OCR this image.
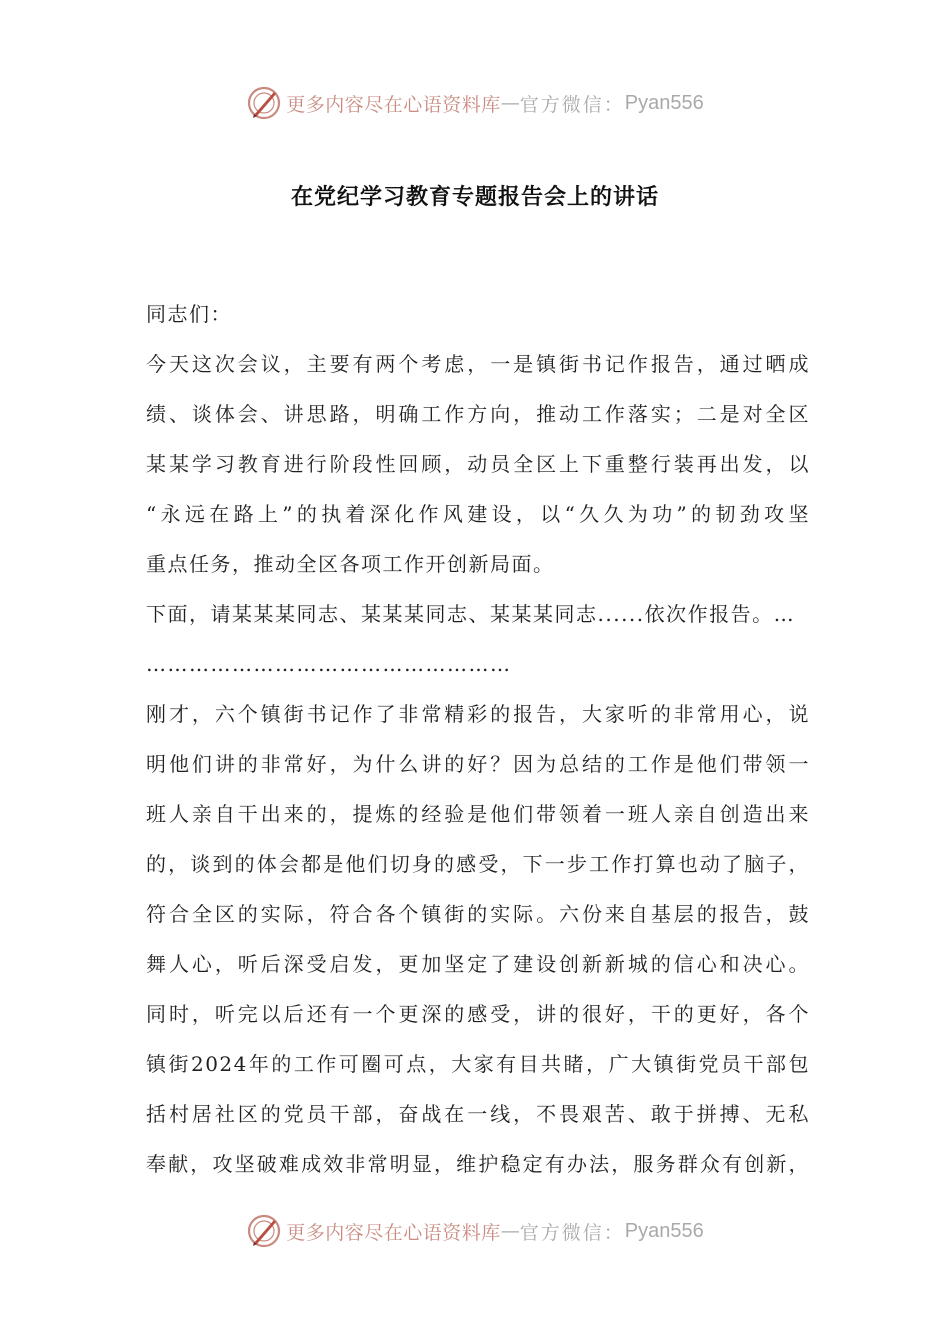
更多内容尽在心语资料库 — 官方微信： Pyan556
在党纪学习教育专题报告会上的讲话
同志们：
今天这次会议，主要有两个考虑，一是镇街书记作报告，通过晒成
绩、谈体会、讲思路，明确工作方向，推动工作落实；二是对全区
某某学习教育进行阶段性回顾，动员全区上下重整行装再出发，以
“永远在路上”的执着深化作风建设，以“久久为功”的韧劲攻坚
重点任务，推动全区各项工作开创新局面。
下面，请某某某同志、某某某同志、某某某同志......依次作报告。…
……………………………………………
刚才，六个镇街书记作了非常精彩的报告，大家听的非常用心，说
明他们讲的非常好，为什么讲的好？因为总结的工作是他们带领一
班人亲自干出来的，提炼的经验是他们带领着一班人亲自创造出来
的，谈到的体会都是他们切身的感受，下一步工作打算也动了脑子，
符合全区的实际，符合各个镇街的实际。六份来自基层的报告，鼓
舞人心，听后深受启发，更加坚定了建设创新新城的信心和决心。
同时，听完以后还有一个更深的感受，讲的很好，干的更好，各个
镇街2024年的工作可圈可点，大家有目共睹，广大镇街党员干部包
括村居社区的党员干部，奋战在一线，不畏艰苦、敢于拼搏、无私
奉献，攻坚破难成效非常明显，维护稳定有办法，服务群众有创新，
更多内容尽在心语资料库 — 官方微信： Pyan556
